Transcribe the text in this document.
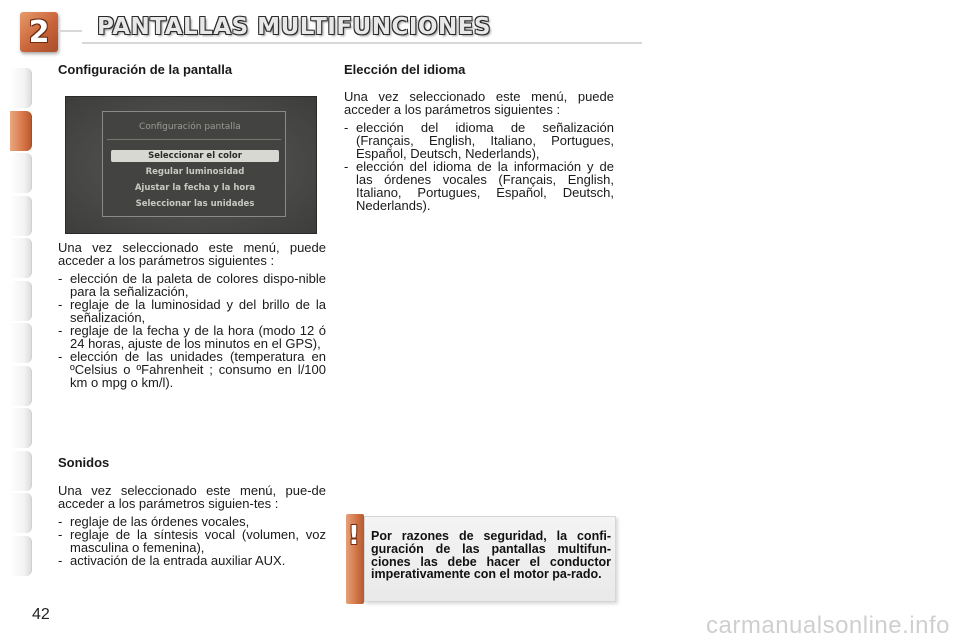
2 PANTALLAS MULTIFUNCIONES
Configuración de la pantalla
Configuración pantalla
Seleccionar el color
Regular luminosidad
Ajustar la fecha y la hora
Seleccionar las unidades
Una vez seleccionado este menú, puede acceder a los parámetros siguientes :
- elección de la paleta de colores dispo-nible para la señalización,
- reglaje de la luminosidad y del brillo de la señalización,
- reglaje de la fecha y de la hora (modo 12 ó 24 horas, ajuste de los minutos en el GPS),
- elección de las unidades (temperatura en ºCelsius o ºFahrenheit ; consumo en l/100 km o mpg o km/l).
Sonidos
Una vez seleccionado este menú, pue-de acceder a los parámetros siguien-tes :
- reglaje de las órdenes vocales,
- reglaje de la síntesis vocal (volumen, voz masculina o femenina),
- activación de la entrada auxiliar AUX.
Elección del idioma
Una vez seleccionado este menú, puede acceder a los parámetros siguientes :
- elección del idioma de señalización (Français, English, Italiano, Portugues, Español, Deutsch, Nederlands),
- elección del idioma de la información y de las órdenes vocales (Français, English, Italiano, Portugues, Español, Deutsch, Nederlands).
! Por razones de seguridad, la confi-guración de las pantallas multifun-ciones las debe hacer el conductor imperativamente con el motor pa-rado.
42	carmanualsonline.info
